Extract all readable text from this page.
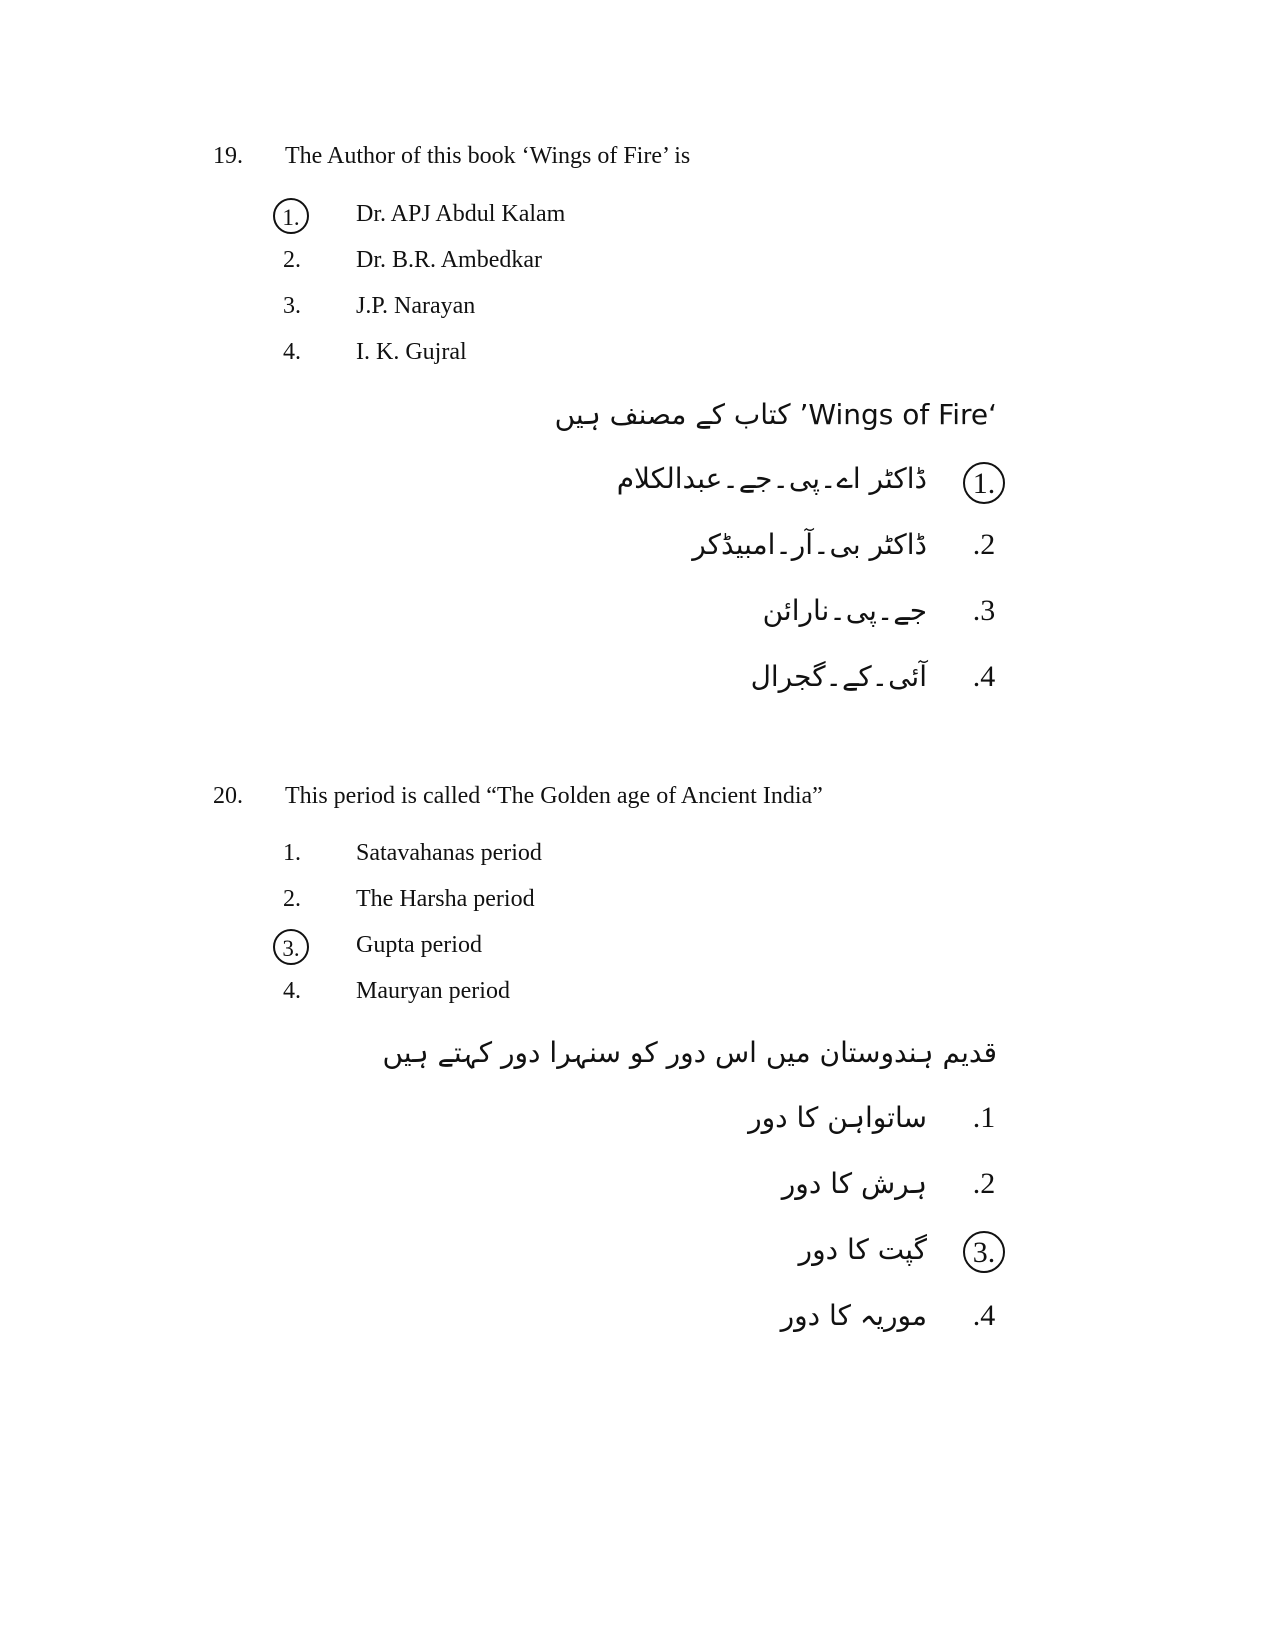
19. The Author of this book ‘Wings of Fire’ is
1.	Dr. APJ Abdul Kalam
2.	Dr. B.R. Ambedkar
3.	J.P. Narayan
4.	I. K. Gujral
‘Wings of Fire’ کتاب کے مصنف ہیں
1.
ڈاکٹر اے۔پی۔جے۔عبدالکلام
.2
ڈاکٹر بی۔آر۔امبیڈکر
.3
جے۔پی۔نارائن
.4
آئی۔کے۔گجرال
20. This period is called “The Golden age of Ancient India”
1.	Satavahanas period
2.	The Harsha period
3.	Gupta period
4.	Mauryan period
قدیم ہندوستان میں اس دور کو سنہرا دور کہتے ہیں
.1
ساتواہن کا دور
.2
ہرش کا دور
3.
گپت کا دور
.4
موریہ کا دور
